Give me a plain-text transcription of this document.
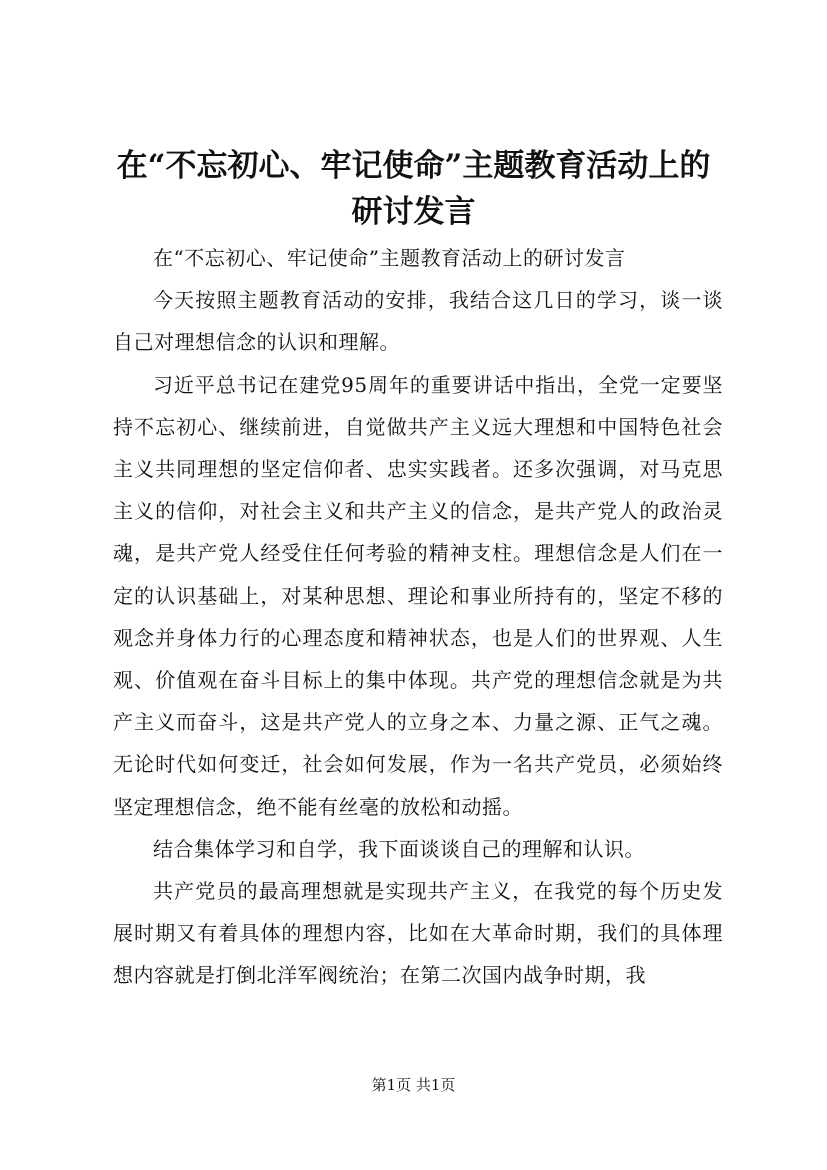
在“不忘初心、牢记使命”主题教育活动上的
研讨发言

在“不忘初心、牢记使命”主题教育活动上的研讨发言

今天按照主题教育活动的安排，我结合这几日的学习，谈一谈自己对理想信念的认识和理解。

习近平总书记在建党95周年的重要讲话中指出，全党一定要坚持不忘初心、继续前进，自觉做共产主义远大理想和中国特色社会主义共同理想的坚定信仰者、忠实实践者。还多次强调，对马克思主义的信仰，对社会主义和共产主义的信念，是共产党人的政治灵魂，是共产党人经受住任何考验的精神支柱。理想信念是人们在一定的认识基础上，对某种思想、理论和事业所持有的，坚定不移的观念并身体力行的心理态度和精神状态，也是人们的世界观、人生观、价值观在奋斗目标上的集中体现。共产党的理想信念就是为共产主义而奋斗，这是共产党人的立身之本、力量之源、正气之魂。无论时代如何变迁，社会如何发展，作为一名共产党员，必须始终坚定理想信念，绝不能有丝毫的放松和动摇。

结合集体学习和自学，我下面谈谈自己的理解和认识。

共产党员的最高理想就是实现共产主义，在我党的每个历史发展时期又有着具体的理想内容，比如在大革命时期，我们的具体理想内容就是打倒北洋军阀统治；在第二次国内战争时期，我

第1页 共1页
